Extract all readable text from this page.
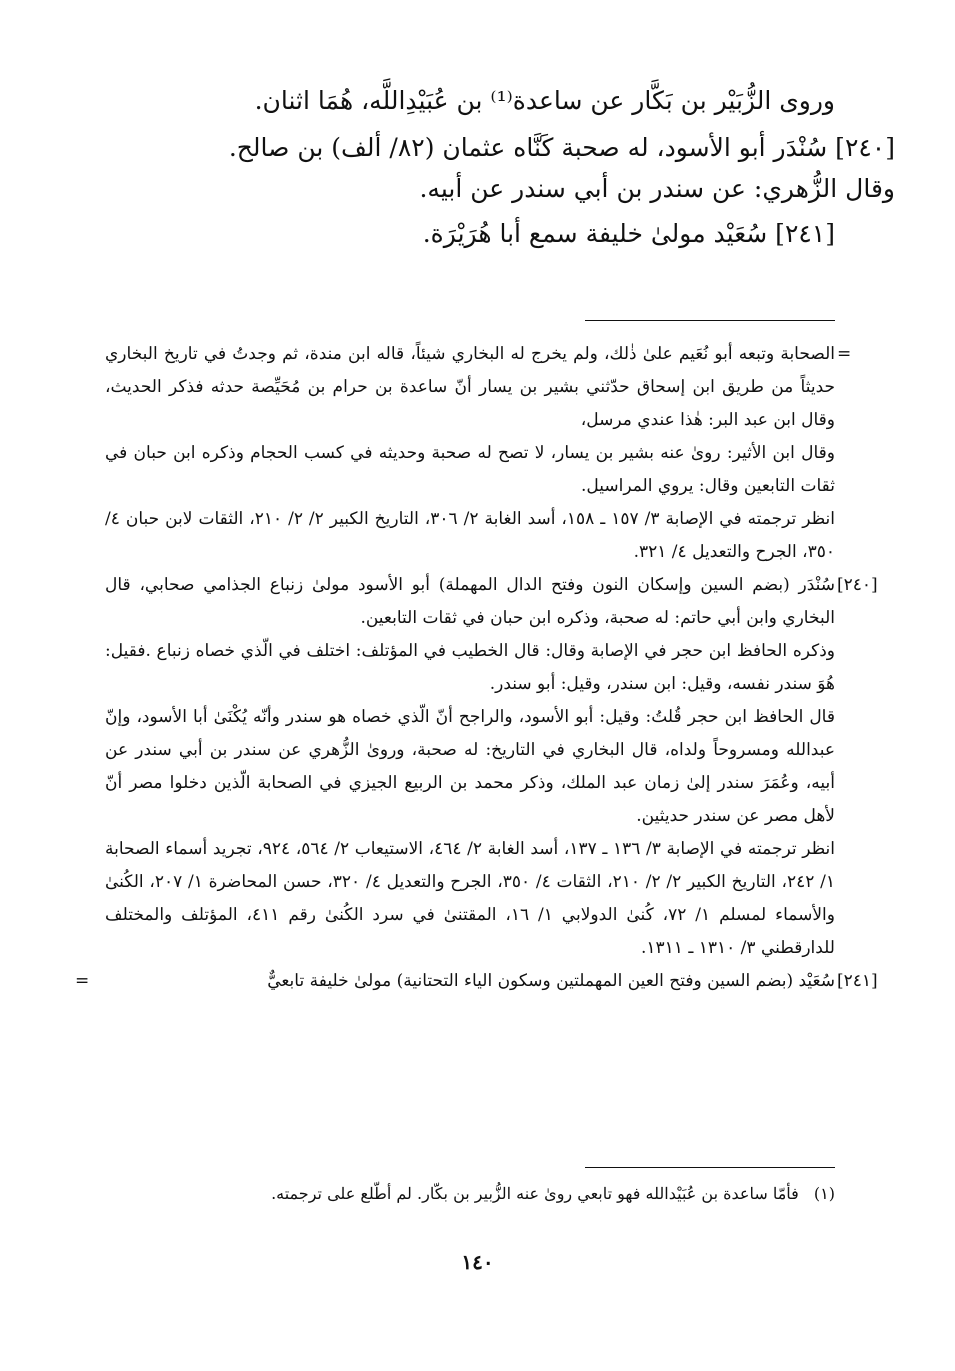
وروى الزُّبَيْر بن بَكَّار عن ساعدة⁽¹⁾ بن عُبَيْدِاللَّه، هُمَا اثنان.

[٢٤٠] سُنْدَر أبو الأسود، له صحبة كَنَّاه عثمان (٨٢/ ألف) بن صالح.

وقال الزُّهري: عن سندر بن أبي سندر عن أبيه.

[٢٤١] سُعَيْد مولىٰ خليفة سمع أبا هُرَيْرَة.

=

الصحابة وتبعه أبو نُعَيم علىٰ ذٰلك، ولم يخرج له البخاري شيئاً، قاله ابن مندة، ثم وجدتُ في تاريخ البخاري حديثاً من طريق ابن إسحاق حدّثني بشير بن يسار أنّ ساعدة بن حرام بن مُحَيِّصة حدثه فذكر الحديث، وقال ابن عبد البر: هٰذا عندي مرسل،

وقال ابن الأثير: روىٰ عنه بشير بن يسار، لا تصح له صحبة وحديثه في كسب الحجام وذكره ابن حبان في ثقات التابعين وقال: يروي المراسيل.

انظر ترجمته في الإصابة ٣/ ١٥٧ ـ ١٥٨، أسد الغابة ٢/ ٣٠٦، التاريخ الكبير ٢/ ٢/ ٢١٠، الثقات لابن حبان ٤/ ٣٥٠، الجرح والتعديل ٤/ ٣٢١.

[٢٤٠]

سُنْدَر (بضم السين وإسكان النون وفتح الدال المهملة) أبو الأسود مولىٰ زنباع الجذامي صحابي، قال البخاري وابن أبي حاتم: له صحبة، وذكره ابن حبان في ثقات التابعين.

وذكره الحافظ ابن حجر في الإصابة وقال: قال الخطيب في المؤتلف: اختلف في الّذي خصاه زنباع .فقيل: هُوَ سندر نفسه، وقيل: ابن سندر، وقيل: أبو سندر.

قال الحافظ ابن حجر قُلتُ: وقيل: أبو الأسود، والراجح أنّ الّذي خصاه هو سندر وأنّه يُكْنَىٰ أبا الأسود، وإنّ عبدالله ومسروحاً ولداه، قال البخاري في التاريخ: له صحبة، وروىٰ الزُّهري عن سندر بن أبي سندر عن أبيه، وعُمَرَ سندر إلىٰ زمان عبد الملك، وذكر محمد بن الربيع الجيزي في الصحابة الّذين دخلوا مصر أنّ لأهل مصر عن سندر حديثين.

انظر ترجمته في الإصابة ٣/ ١٣٦ ـ ١٣٧، أسد الغابة ٢/ ٤٦٤، الاستيعاب ٢/ ٥٦٤، ٩٢٤، تجريد أسماء الصحابة ١/ ٢٤٢، التاريخ الكبير ٢/ ٢/ ٢١٠، الثقات ٤/ ٣٥٠، الجرح والتعديل ٤/ ٣٢٠، حسن المحاضرة ١/ ٢٠٧، الكُنىٰ والأسماء لمسلم ١/ ٧٢، كُنىٰ الدولابي ١/ ١٦، المقتنىٰ في سرد الكُنىٰ رقم ٤١١، المؤتلف والمختلف للدارقطني ٣/ ١٣١٠ ـ ١٣١١.

[٢٤١]

سُعَيْد (بضم السين وفتح العين المهملتين وسكون الياء التحتانية) مولىٰ خليفة تابعيٌّ

=
(١) فأمّا ساعدة بن عُبَيْدالله فهو تابعي روىٰ عنه الزُّبير بن بكّار. لم أطّلع على ترجمته.
١٤٠
